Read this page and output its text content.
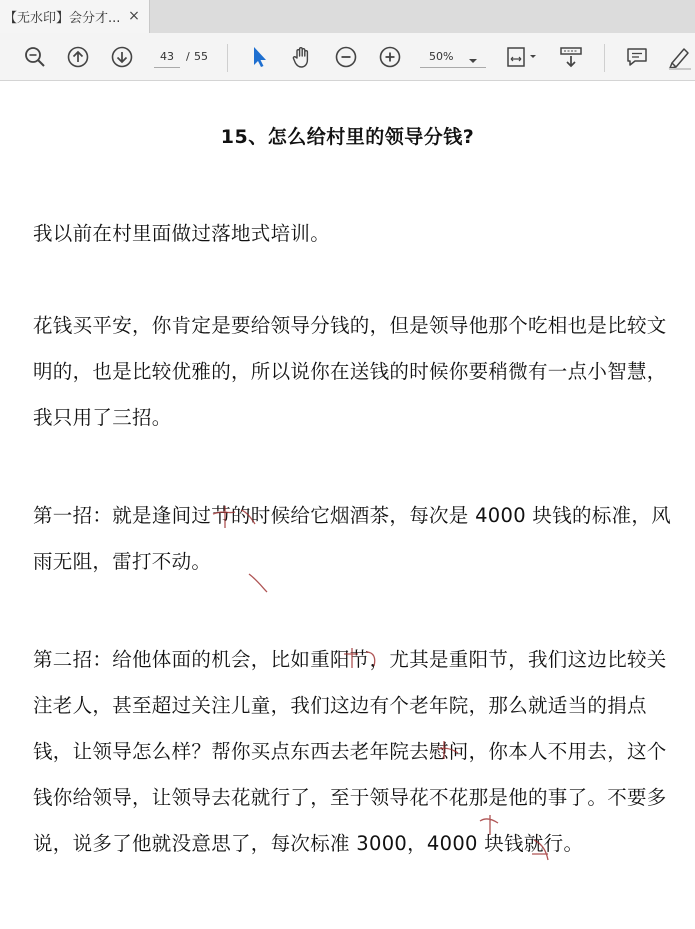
【无水印】会分才... ×
43
/ 55	50%
15、怎么给村里的领导分钱?
我以前在村里面做过落地式培训。
花钱买平安，你肯定是要给领导分钱的，但是领导他那个吃相也是比较文明的，也是比较优雅的，所以说你在送钱的时候你要稍微有一点小智慧，我只用了三招。
第一招：就是逢间过节的时候给它烟酒茶，每次是 4000 块钱的标准，风雨无阻，雷打不动。
第二招：给他体面的机会，比如重阳节，尤其是重阳节，我们这边比较关注老人，甚至超过关注儿童，我们这边有个老年院，那么就适当的捐点钱，让领导怎么样？帮你买点东西去老年院去慰问，你本人不用去，这个钱你给领导，让领导去花就行了，至于领导花不花那是他的事了。不要多说，说多了他就没意思了，每次标准 3000，4000 块钱就行。
